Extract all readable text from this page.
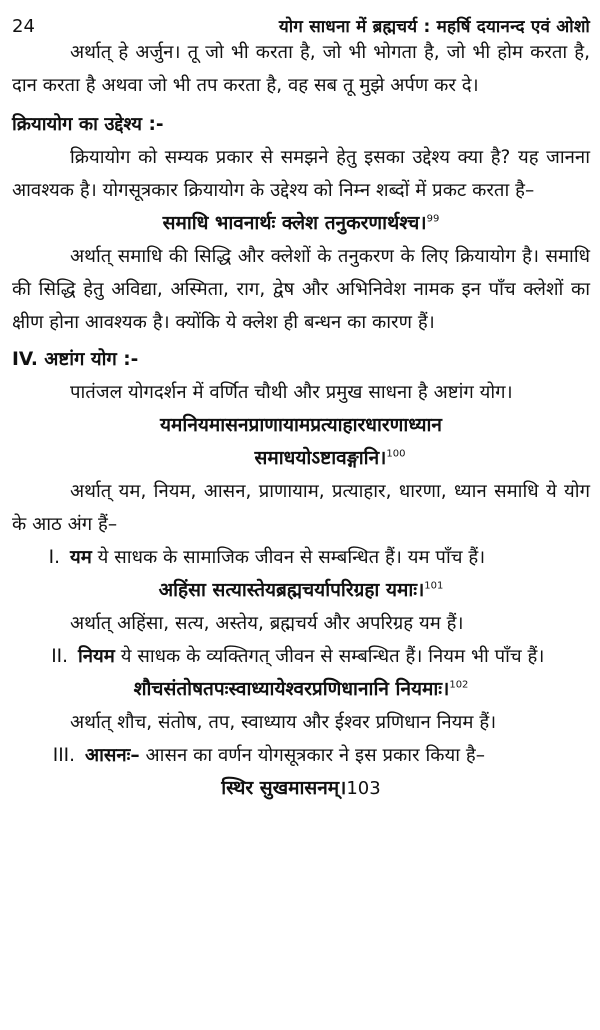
24	योग साधना में ब्रह्मचर्य : महर्षि दयानन्द एवं ओशो

अर्थात् हे अर्जुन। तू जो भी करता है, जो भी भोगता है, जो भी होम करता है, दान करता है अथवा जो भी तप करता है, वह सब तू मुझे अर्पण कर दे।

क्रियायोग का उद्देश्य :-

क्रियायोग को सम्यक प्रकार से समझने हेतु इसका उद्देश्य क्या है? यह जानना आवश्यक है। योगसूत्रकार क्रियायोग के उद्देश्य को निम्न शब्दों में प्रकट करता है–

समाधि भावनार्थः क्लेश तनुकरणार्थश्च।$^{99}$

अर्थात् समाधि की सिद्धि और क्लेशों के तनुकरण के लिए क्रियायोग है। समाधि की सिद्धि हेतु अविद्या, अस्मिता, राग, द्वेष और अभिनिवेश नामक इन पाँच क्लेशों का क्षीण होना आवश्यक है। क्योंकि ये क्लेश ही बन्धन का कारण हैं।

IV. अष्टांग योग :-

पातंजल योगदर्शन में वर्णित चौथी और प्रमुख साधना है अष्टांग योग।

यमनियमासनप्राणायामप्रत्याहारधारणाध्यान

समाधयोऽष्टावङ्गानि।$^{100}$

अर्थात् यम, नियम, आसन, प्राणायाम, प्रत्याहार, धारणा, ध्यान समाधि ये योग के आठ अंग हैं–

I. यम ये साधक के सामाजिक जीवन से सम्बन्धित हैं। यम पाँच हैं।

अहिंसा सत्यास्तेयब्रह्मचर्यापरिग्रहा यमाः।$^{101}$

अर्थात् अहिंसा, सत्य, अस्तेय, ब्रह्मचर्य और अपरिग्रह यम हैं।

II. नियम ये साधक के व्यक्तिगत् जीवन से सम्बन्धित हैं। नियम भी पाँच हैं।

शौचसंतोषतपःस्वाध्यायेश्वरप्रणिधानानि नियमाः।$^{102}$

अर्थात् शौच, संतोष, तप, स्वाध्याय और ईश्वर प्रणिधान नियम हैं।

III. आसनः– आसन का वर्णन योगसूत्रकार ने इस प्रकार किया है–

स्थिर सुखमासनम्।103
